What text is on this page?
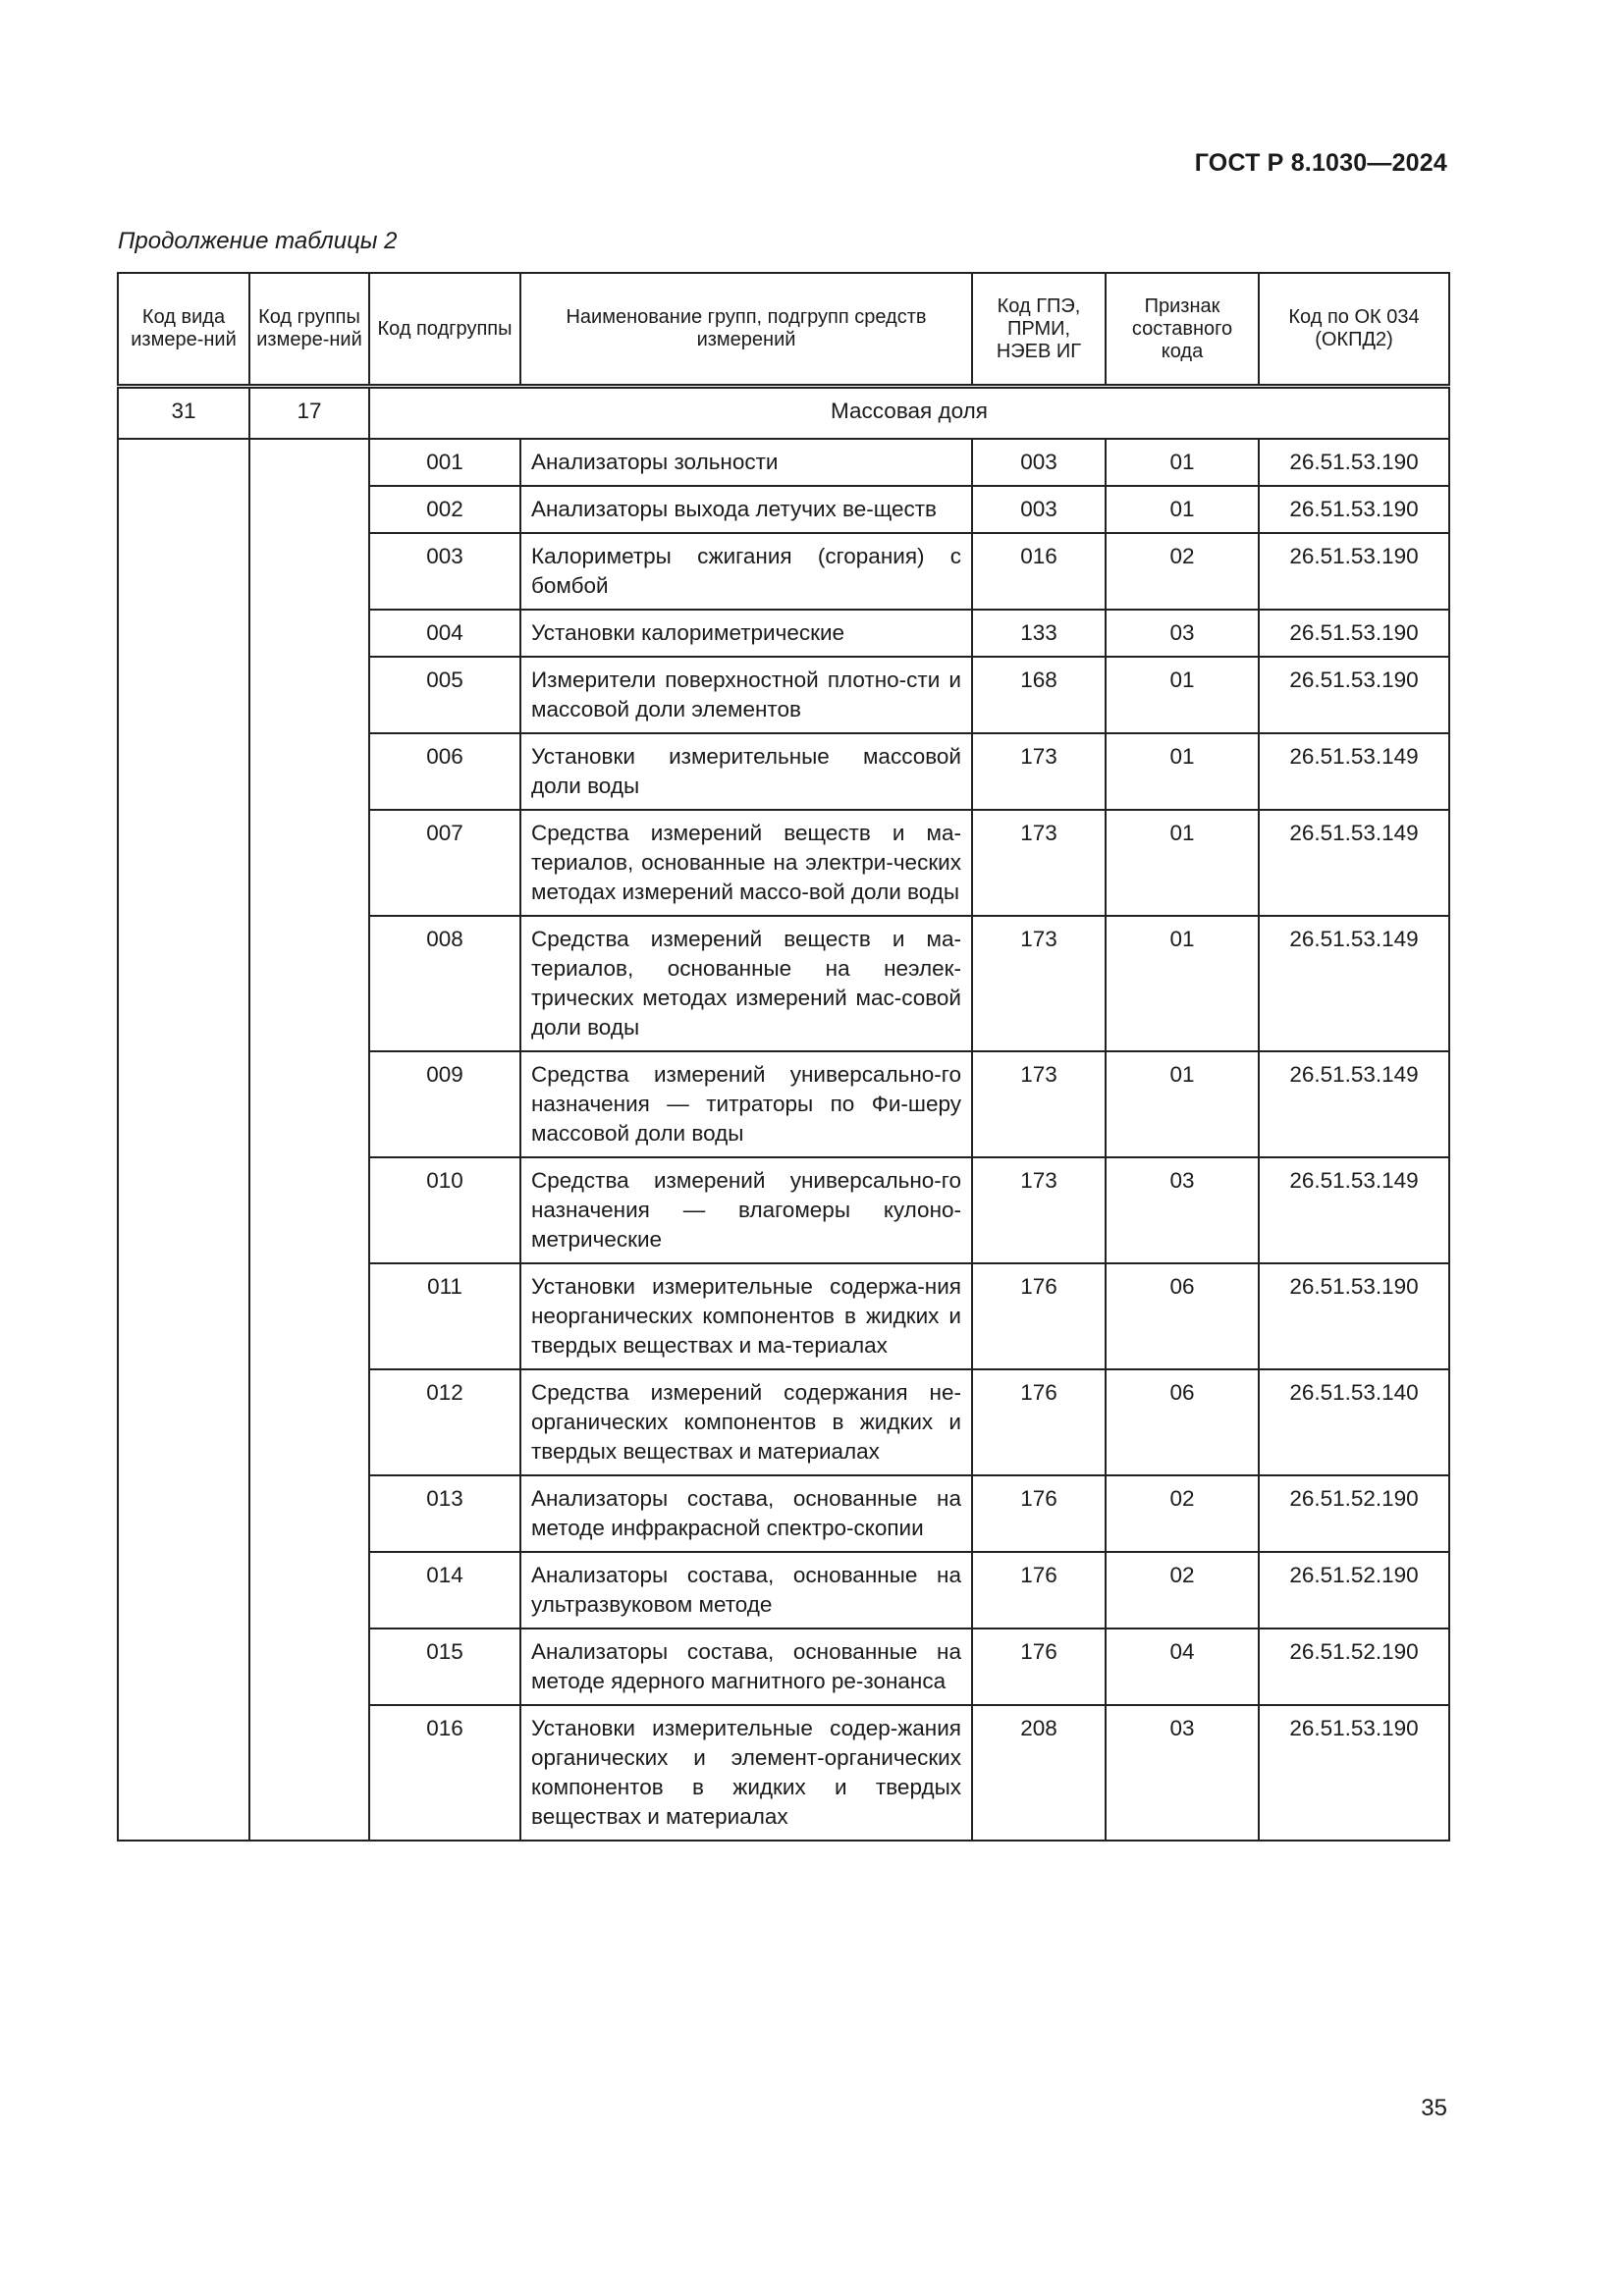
ГОСТ Р 8.1030—2024
Продолжение таблицы 2
Код вида измере-ний	Код группы измере-ний	Код подгруппы	Наименование групп, подгрупп средств измерений	Код ГПЭ, ПРМИ, НЭЕВ ИГ	Признак составного кода	Код по ОК 034 (ОКПД2)
31	17	Массовая доля				
		001	Анализаторы зольности	003	01	26.51.53.190
		002	Анализаторы выхода летучих ве-ществ	003	01	26.51.53.190
		003	Калориметры сжигания (сгорания) с бомбой	016	02	26.51.53.190
		004	Установки калориметрические	133	03	26.51.53.190
		005	Измерители поверхностной плотно-сти и массовой доли элементов	168	01	26.51.53.190
		006	Установки измерительные массовой доли воды	173	01	26.51.53.149
		007	Средства измерений веществ и ма-териалов, основанные на электри-ческих методах измерений массо-вой доли воды	173	01	26.51.53.149
		008	Средства измерений веществ и ма-териалов, основанные на неэлек-трических методах измерений мас-совой доли воды	173	01	26.51.53.149
		009	Средства измерений универсально-го назначения — титраторы по Фи-шеру массовой доли воды	173	01	26.51.53.149
		010	Средства измерений универсально-го назначения — влагомеры кулоно-метрические	173	03	26.51.53.149
		011	Установки измерительные содержа-ния неорганических компонентов в жидких и твердых веществах и ма-териалах	176	06	26.51.53.190
		012	Средства измерений содержания не-органических компонентов в жидких и твердых веществах и материалах	176	06	26.51.53.140
		013	Анализаторы состава, основанные на методе инфракрасной спектро-скопии	176	02	26.51.52.190
		014	Анализаторы состава, основанные на ультразвуковом методе	176	02	26.51.52.190
		015	Анализаторы состава, основанные на методе ядерного магнитного ре-зонанса	176	04	26.51.52.190
		016	Установки измерительные содер-жания органических и элемент-органических компонентов в жидких и твердых веществах и материалах	208	03	26.51.53.190
35
